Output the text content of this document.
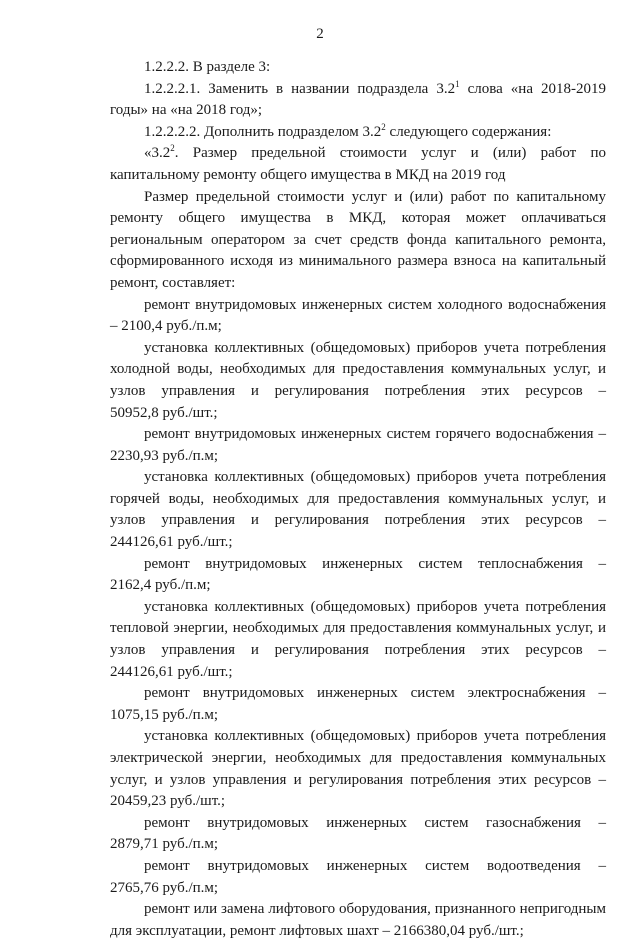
2

1.2.2.2. В разделе 3:

1.2.2.2.1. Заменить в названии подраздела $3.2^1$ слова «на 2018-2019 годы» на «на 2018 год»;

1.2.2.2.2. Дополнить подразделом $3.2^2$ следующего содержания:

«$3.2^2$. Размер предельной стоимости услуг и (или) работ по капитальному ремонту общего имущества в МКД на 2019 год

Размер предельной стоимости услуг и (или) работ по капитальному ремонту общего имущества в МКД, которая может оплачиваться региональным оператором за счет средств фонда капитального ремонта, сформированного исходя из минимального размера взноса на капитальный ремонт, составляет:

ремонт внутридомовых инженерных систем холодного водоснабжения – 2100,4 руб./п.м;

установка коллективных (общедомовых) приборов учета потребления холодной воды, необходимых для предоставления коммунальных услуг, и узлов управления и регулирования потребления этих ресурсов – 50952,8 руб./шт.;

ремонт внутридомовых инженерных систем горячего водоснабжения – 2230,93 руб./п.м;

установка коллективных (общедомовых) приборов учета потребления горячей воды, необходимых для предоставления коммунальных услуг, и узлов управления и регулирования потребления этих ресурсов – 244126,61 руб./шт.;

ремонт внутридомовых инженерных систем теплоснабжения – 2162,4 руб./п.м;

установка коллективных (общедомовых) приборов учета потребления тепловой энергии, необходимых для предоставления коммунальных услуг, и узлов управления и регулирования потребления этих ресурсов – 244126,61 руб./шт.;

ремонт внутридомовых инженерных систем электроснабжения – 1075,15 руб./п.м;

установка коллективных (общедомовых) приборов учета потребления электрической энергии, необходимых для предоставления коммунальных услуг, и узлов управления и регулирования потребления этих ресурсов – 20459,23 руб./шт.;

ремонт внутридомовых инженерных систем газоснабжения – 2879,71 руб./п.м;

ремонт внутридомовых инженерных систем водоотведения – 2765,76 руб./п.м;

ремонт или замена лифтового оборудования, признанного непригодным для эксплуатации, ремонт лифтовых шахт – 2166380,04 руб./шт.;
